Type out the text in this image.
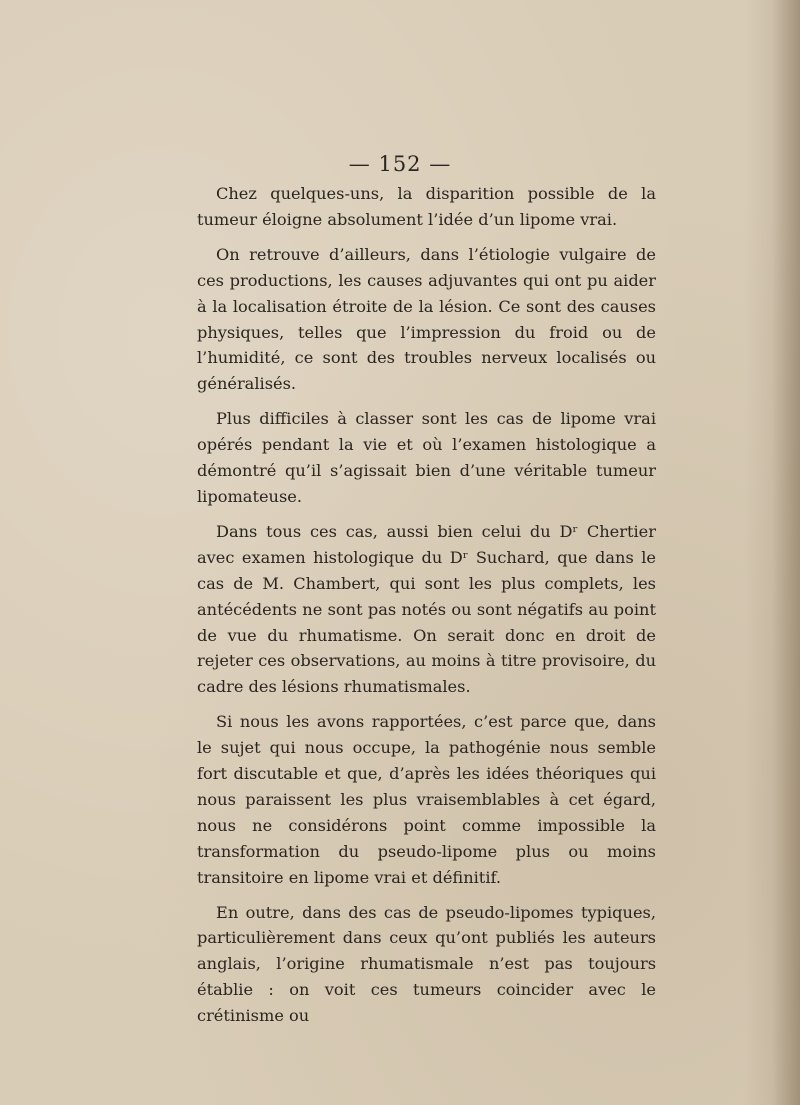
— 152 —

Chez quelques-uns, la disparition possible de la tumeur éloigne absolument l’idée d’un lipome vrai.

On retrouve d’ailleurs, dans l’étiologie vulgaire de ces productions, les causes adjuvantes qui ont pu aider à la localisation étroite de la lésion. Ce sont des causes physiques, telles que l’impression du froid ou de l’humidité, ce sont des troubles nerveux localisés ou généralisés.

Plus difficiles à classer sont les cas de lipome vrai opérés pendant la vie et où l’examen histologique a démontré qu’il s’agissait bien d’une véritable tumeur lipomateuse.

Dans tous ces cas, aussi bien celui du Dʳ Chertier avec examen histologique du Dʳ Suchard, que dans le cas de M. Chambert, qui sont les plus complets, les antécédents ne sont pas notés ou sont négatifs au point de vue du rhumatisme. On serait donc en droit de rejeter ces observations, au moins à titre provisoire, du cadre des lésions rhumatismales.

Si nous les avons rapportées, c’est parce que, dans le sujet qui nous occupe, la pathogénie nous semble fort discutable et que, d’après les idées théoriques qui nous paraissent les plus vraisemblables à cet égard, nous ne considérons point comme impossible la transformation du pseudo-lipome plus ou moins transitoire en lipome vrai et définitif.

En outre, dans des cas de pseudo-lipomes typiques, particulièrement dans ceux qu’ont publiés les auteurs anglais, l’origine rhumatismale n’est pas toujours établie : on voit ces tumeurs coincider avec le crétinisme ou
